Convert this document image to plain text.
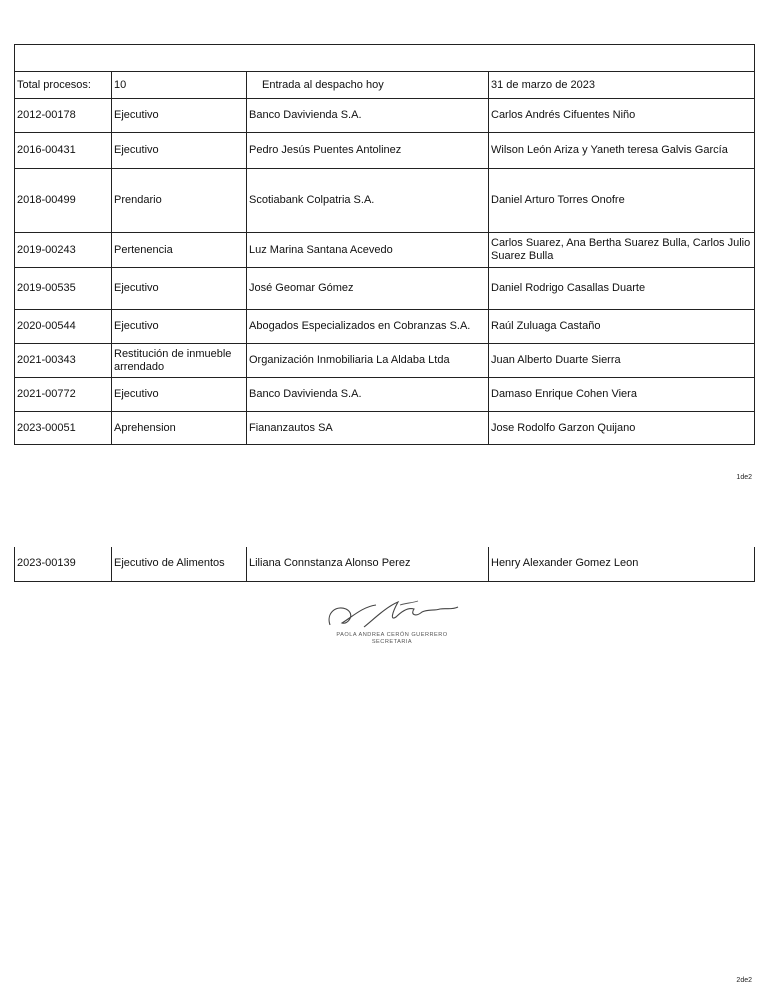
Total procesos:	10	Entrada al despacho hoy	31 de marzo de 2023
2012-00178	Ejecutivo	Banco Davivienda S.A.	Carlos Andrés Cifuentes Niño
2016-00431	Ejecutivo	Pedro Jesús Puentes Antolinez	Wilson León Ariza y Yaneth teresa Galvis García
2018-00499	Prendario	Scotiabank Colpatria S.A.	Daniel Arturo Torres Onofre
2019-00243	Pertenencia	Luz Marina Santana Acevedo	Carlos Suarez, Ana Bertha Suarez Bulla, Carlos Julio Suarez Bulla
2019-00535	Ejecutivo	José Geomar Gómez	Daniel Rodrigo Casallas Duarte
2020-00544	Ejecutivo	Abogados Especializados en Cobranzas S.A.	Raúl Zuluaga Castaño
2021-00343	Restitución de inmueble arrendado	Organización Inmobiliaria La Aldaba Ltda	Juan Alberto Duarte Sierra
2021-00772	Ejecutivo	Banco Davivienda S.A.	Damaso Enrique Cohen Viera
2023-00051	Aprehension	Fiananzautos SA	Jose Rodolfo Garzon Quijano
1de2
2023-00139	Ejecutivo de Alimentos	Liliana Connstanza Alonso Perez	Henry Alexander Gomez Leon
PAOLA ANDREA CERÓN GUERRERO
SECRETARIA
2de2
